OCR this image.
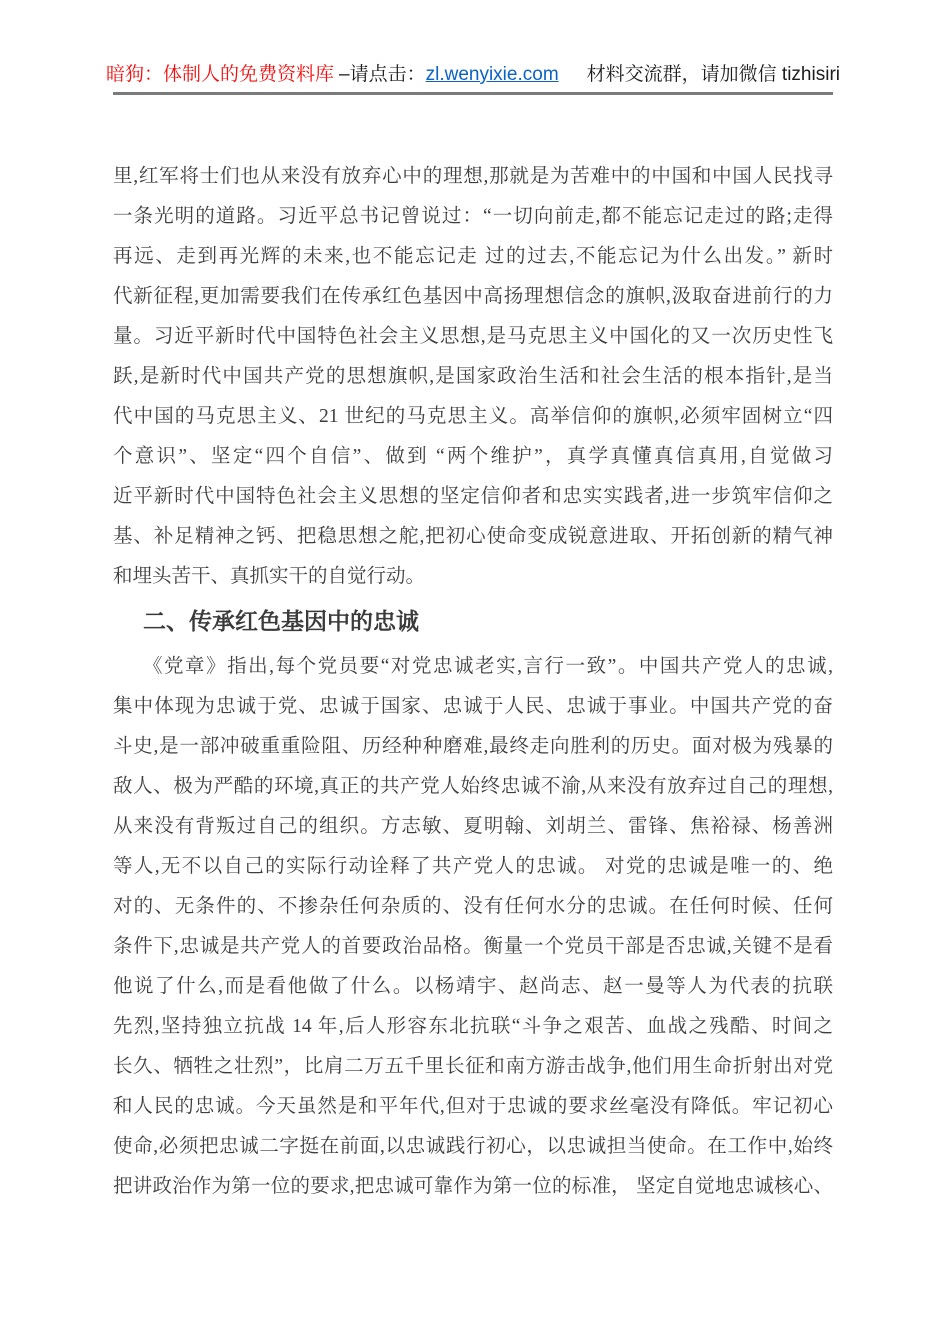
暗狗：体制人的免费资料库 –请点击： zl.wenyixie.com 材料交流群，请加微信 tizhisiri
里,红军将士们也从来没有放弃心中的理想,那就是为苦难中的中国和中国人民找寻
一条光明的道路。习近平总书记曾说过：“一切向前走,都不能忘记走过的路;走得
再远、走到再光辉的未来,也不能忘记走 过的过去,不能忘记为什么出发。” 新时
代新征程,更加需要我们在传承红色基因中高扬理想信念的旗帜,汲取奋进前行的力
量。习近平新时代中国特色社会主义思想,是马克思主义中国化的又一次历史性飞
跃,是新时代中国共产党的思想旗帜,是国家政治生活和社会生活的根本指针,是当
代中国的马克思主义、21 世纪的马克思主义。高举信仰的旗帜,必须牢固树立“四
个意识”、坚定“四个自信”、做到 “两个维护”，真学真懂真信真用,自觉做习
近平新时代中国特色社会主义思想的坚定信仰者和忠实实践者,进一步筑牢信仰之
基、补足精神之钙、把稳思想之舵,把初心使命变成锐意进取、开拓创新的精气神
和埋头苦干、真抓实干的自觉行动。
二、传承红色基因中的忠诚
《党章》指出,每个党员要“对党忠诚老实,言行一致”。中国共产党人的忠诚,
集中体现为忠诚于党、忠诚于国家、忠诚于人民、忠诚于事业。中国共产党的奋
斗史,是一部冲破重重险阻、历经种种磨难,最终走向胜利的历史。面对极为残暴的
敌人、极为严酷的环境,真正的共产党人始终忠诚不渝,从来没有放弃过自己的理想,
从来没有背叛过自己的组织。方志敏、夏明翰、刘胡兰、雷锋、焦裕禄、杨善洲
等人,无不以自己的实际行动诠释了共产党人的忠诚。 对党的忠诚是唯一的、绝
对的、无条件的、不掺杂任何杂质的、没有任何水分的忠诚。在任何时候、任何
条件下,忠诚是共产党人的首要政治品格。衡量一个党员干部是否忠诚,关键不是看
他说了什么,而是看他做了什么。以杨靖宇、赵尚志、赵一曼等人为代表的抗联
先烈,坚持独立抗战 14 年,后人形容东北抗联“斗争之艰苦、血战之残酷、时间之
长久、牺牲之壮烈”，比肩二万五千里长征和南方游击战争,他们用生命折射出对党
和人民的忠诚。今天虽然是和平年代,但对于忠诚的要求丝毫没有降低。牢记初心
使命,必须把忠诚二字挺在前面,以忠诚践行初心，以忠诚担当使命。在工作中,始终
把讲政治作为第一位的要求,把忠诚可靠作为第一位的标准， 坚定自觉地忠诚核心、
